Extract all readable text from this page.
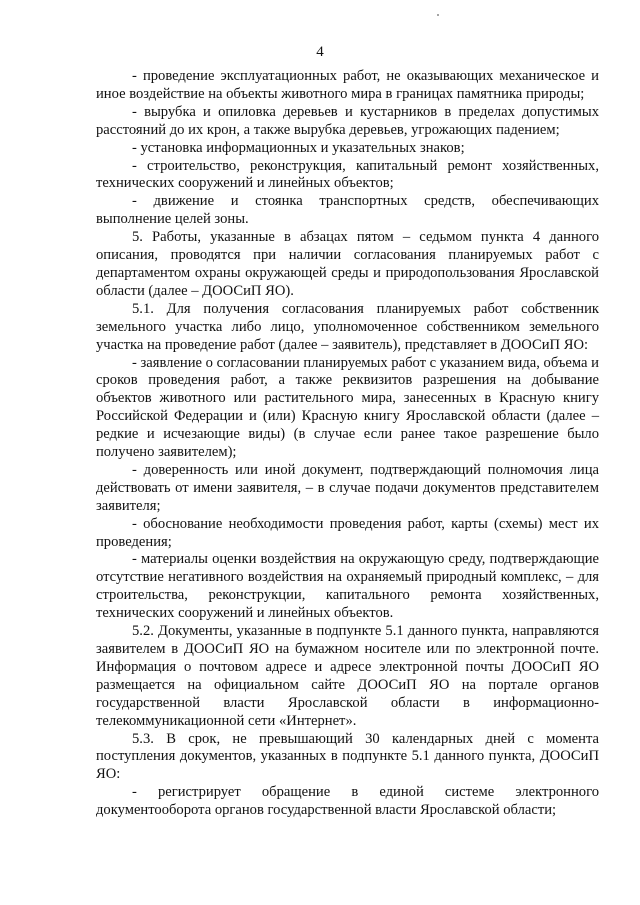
4

- проведение эксплуатационных работ, не оказывающих механическое и иное воздействие на объекты животного мира в границах памятника природы;

- вырубка и опиловка деревьев и кустарников в пределах допустимых расстояний до их крон, а также вырубка деревьев, угрожающих падением;

- установка информационных и указательных знаков;

- строительство, реконструкция, капитальный ремонт хозяйственных, технических сооружений и линейных объектов;

- движение и стоянка транспортных средств, обеспечивающих выполнение целей зоны.

5. Работы, указанные в абзацах пятом – седьмом пункта 4 данного описания, проводятся при наличии согласования планируемых работ с департаментом охраны окружающей среды и природопользования Ярославской области (далее – ДООСиП ЯО).

5.1. Для получения согласования планируемых работ собственник земельного участка либо лицо, уполномоченное собственником земельного участка на проведение работ (далее – заявитель), представляет в ДООСиП ЯО:

- заявление о согласовании планируемых работ с указанием вида, объема и сроков проведения работ, а также реквизитов разрешения на добывание объектов животного или растительного мира, занесенных в Красную книгу Российской Федерации и (или) Красную книгу Ярославской области (далее – редкие и исчезающие виды) (в случае если ранее такое разрешение было получено заявителем);

- доверенность или иной документ, подтверждающий полномочия лица действовать от имени заявителя, – в случае подачи документов представителем заявителя;

- обоснование необходимости проведения работ, карты (схемы) мест их проведения;

- материалы оценки воздействия на окружающую среду, подтверждающие отсутствие негативного воздействия на охраняемый природный комплекс, – для строительства, реконструкции, капитального ремонта хозяйственных, технических сооружений и линейных объектов.

5.2. Документы, указанные в подпункте 5.1 данного пункта, направляются заявителем в ДООСиП ЯО на бумажном носителе или по электронной почте. Информация о почтовом адресе и адресе электронной почты ДООСиП ЯО размещается на официальном сайте ДООСиП ЯО на портале органов государственной власти Ярославской области в информационно-телекоммуникационной сети «Интернет».

5.3. В срок, не превышающий 30 календарных дней с момента поступления документов, указанных в подпункте 5.1 данного пункта, ДООСиП ЯО:

- регистрирует обращение в единой системе электронного документооборота органов государственной власти Ярославской области;
